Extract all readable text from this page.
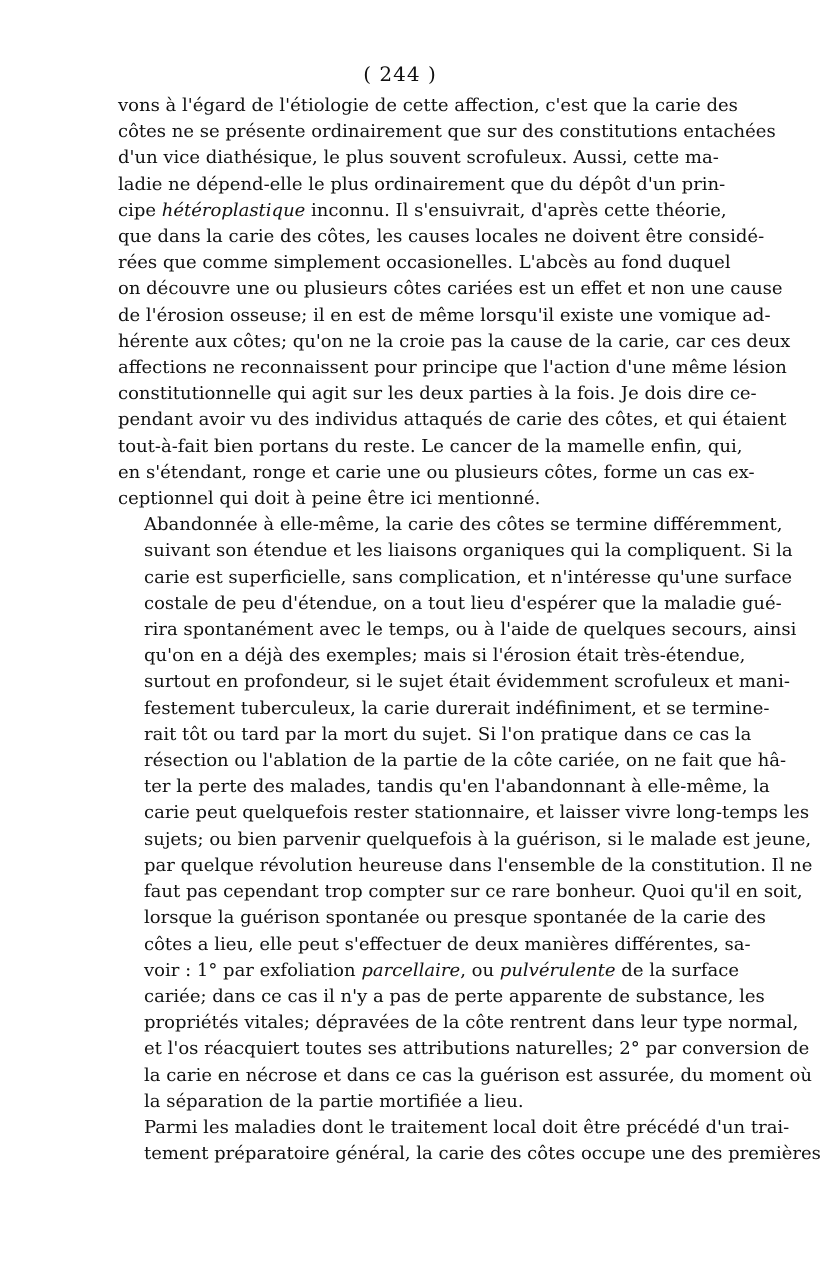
( 244 )
vons à l'égard de l'étiologie de cette affection, c'est que la carie des
côtes ne se présente ordinairement que sur des constitutions entachées
d'un vice diathésique, le plus souvent scrofuleux. Aussi, cette ma-
ladie ne dépend-elle le plus ordinairement que du dépôt d'un prin-
cipe hétéroplastique inconnu. Il s'ensuivrait, d'après cette théorie,
que dans la carie des côtes, les causes locales ne doivent être considé-
rées que comme simplement occasionelles. L'abcès au fond duquel
on découvre une ou plusieurs côtes cariées est un effet et non une cause
de l'érosion osseuse; il en est de même lorsqu'il existe une vomique ad-
hérente aux côtes; qu'on ne la croie pas la cause de la carie, car ces deux
affections ne reconnaissent pour principe que l'action d'une même lésion
constitutionnelle qui agit sur les deux parties à la fois. Je dois dire ce-
pendant avoir vu des individus attaqués de carie des côtes, et qui étaient
tout-à-fait bien portans du reste. Le cancer de la mamelle enfin, qui,
en s'étendant, ronge et carie une ou plusieurs côtes, forme un cas ex-
ceptionnel qui doit à peine être ici mentionné.
Abandonnée à elle-même, la carie des côtes se termine différemment,
suivant son étendue et les liaisons organiques qui la compliquent. Si la
carie est superficielle, sans complication, et n'intéresse qu'une surface
costale de peu d'étendue, on a tout lieu d'espérer que la maladie gué-
rira spontanément avec le temps, ou à l'aide de quelques secours, ainsi
qu'on en a déjà des exemples; mais si l'érosion était très-étendue,
surtout en profondeur, si le sujet était évidemment scrofuleux et mani-
festement tuberculeux, la carie durerait indéfiniment, et se termine-
rait tôt ou tard par la mort du sujet. Si l'on pratique dans ce cas la
résection ou l'ablation de la partie de la côte cariée, on ne fait que hâ-
ter la perte des malades, tandis qu'en l'abandonnant à elle-même, la
carie peut quelquefois rester stationnaire, et laisser vivre long-temps les
sujets; ou bien parvenir quelquefois à la guérison, si le malade est jeune,
par quelque révolution heureuse dans l'ensemble de la constitution. Il ne
faut pas cependant trop compter sur ce rare bonheur. Quoi qu'il en soit,
lorsque la guérison spontanée ou presque spontanée de la carie des
côtes a lieu, elle peut s'effectuer de deux manières différentes, sa-
voir : 1° par exfoliation parcellaire, ou pulvérulente de la surface
cariée; dans ce cas il n'y a pas de perte apparente de substance, les
propriétés vitales; dépravées de la côte rentrent dans leur type normal,
et l'os réacquiert toutes ses attributions naturelles; 2° par conversion de
la carie en nécrose et dans ce cas la guérison est assurée, du moment où
la séparation de la partie mortifiée a lieu.
Parmi les maladies dont le traitement local doit être précédé d'un trai-
tement préparatoire général, la carie des côtes occupe une des premières
